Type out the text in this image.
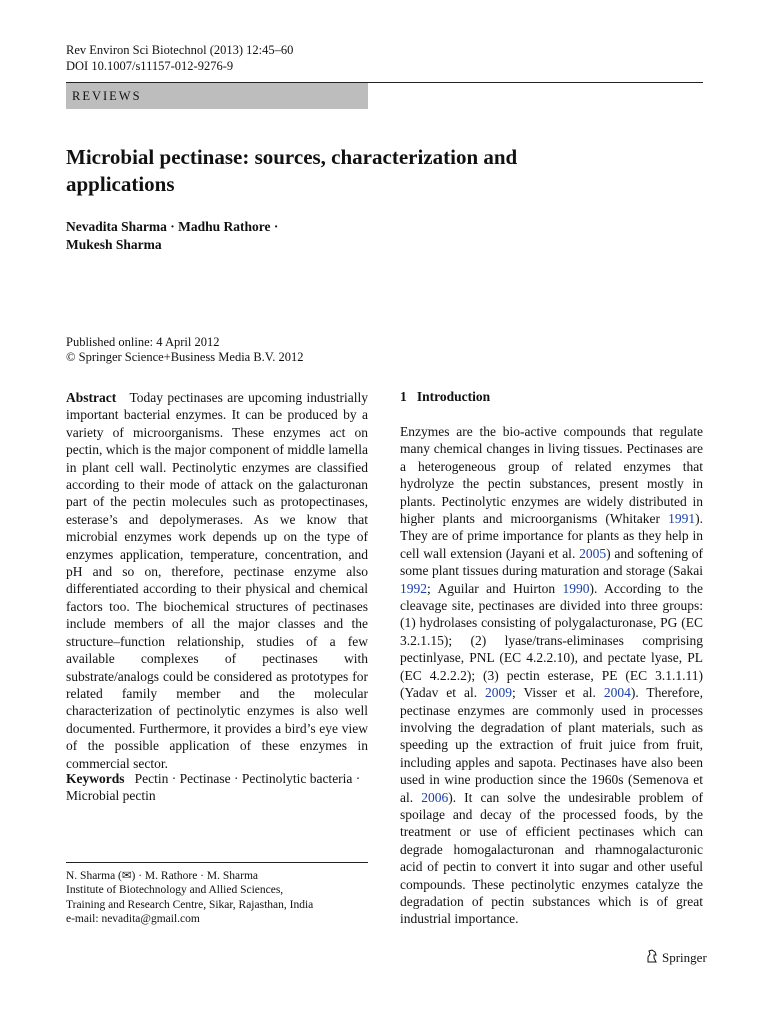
Rev Environ Sci Biotechnol (2013) 12:45–60
DOI 10.1007/s11157-012-9276-9
REVIEWS
Microbial pectinase: sources, characterization and applications
Nevadita Sharma · Madhu Rathore ·
Mukesh Sharma
Published online: 4 April 2012
© Springer Science+Business Media B.V. 2012

Abstract Today pectinases are upcoming industrially important bacterial enzymes. It can be produced by a variety of microorganisms. These enzymes act on pectin, which is the major component of middle lamella in plant cell wall. Pectinolytic enzymes are classified according to their mode of attack on the galacturonan part of the pectin molecules such as protopectinases, esterase’s and depolymerases. As we know that microbial enzymes work depends up on the type of enzymes application, temperature, concentration, and pH and so on, therefore, pectinase enzyme also differentiated according to their physical and chemical factors too. The biochemical structures of pectinases include members of all the major classes and the structure–function relationship, studies of a few available complexes of pectinases with substrate/analogs could be considered as prototypes for related family member and the molecular characterization of pectinolytic enzymes is also well documented. Furthermore, it provides a bird’s eye view of the possible application of these enzymes in commercial sector.

Keywords Pectin · Pectinase · Pectinolytic bacteria · Microbial pectin

N. Sharma (✉) · M. Rathore · M. Sharma
Institute of Biotechnology and Allied Sciences,
Training and Research Centre, Sikar, Rajasthan, India
e-mail: nevadita@gmail.com
1 Introduction

Enzymes are the bio-active compounds that regulate many chemical changes in living tissues. Pectinases are a heterogeneous group of related enzymes that hydrolyze the pectin substances, present mostly in plants. Pectinolytic enzymes are widely distributed in higher plants and microorganisms (Whitaker 1991). They are of prime importance for plants as they help in cell wall extension (Jayani et al. 2005) and softening of some plant tissues during maturation and storage (Sakai 1992; Aguilar and Huirton 1990). According to the cleavage site, pectinases are divided into three groups: (1) hydrolases consisting of polygalacturonase, PG (EC 3.2.1.15); (2) lyase/trans-eliminases comprising pectinlyase, PNL (EC 4.2.2.10), and pectate lyase, PL (EC 4.2.2.2); (3) pectin esterase, PE (EC 3.1.1.11) (Yadav et al. 2009; Visser et al. 2004). Therefore, pectinase enzymes are commonly used in processes involving the degradation of plant materials, such as speeding up the extraction of fruit juice from fruit, including apples and sapota. Pectinases have also been used in wine production since the 1960s (Semenova et al. 2006). It can solve the undesirable problem of spoilage and decay of the processed foods, by the treatment or use of efficient pectinases which can degrade homogalacturonan and rhamnogalacturonic acid of pectin to convert it into sugar and other useful compounds. These pectinolytic enzymes catalyze the degradation of pectin substances which is of great industrial importance.

Springer
